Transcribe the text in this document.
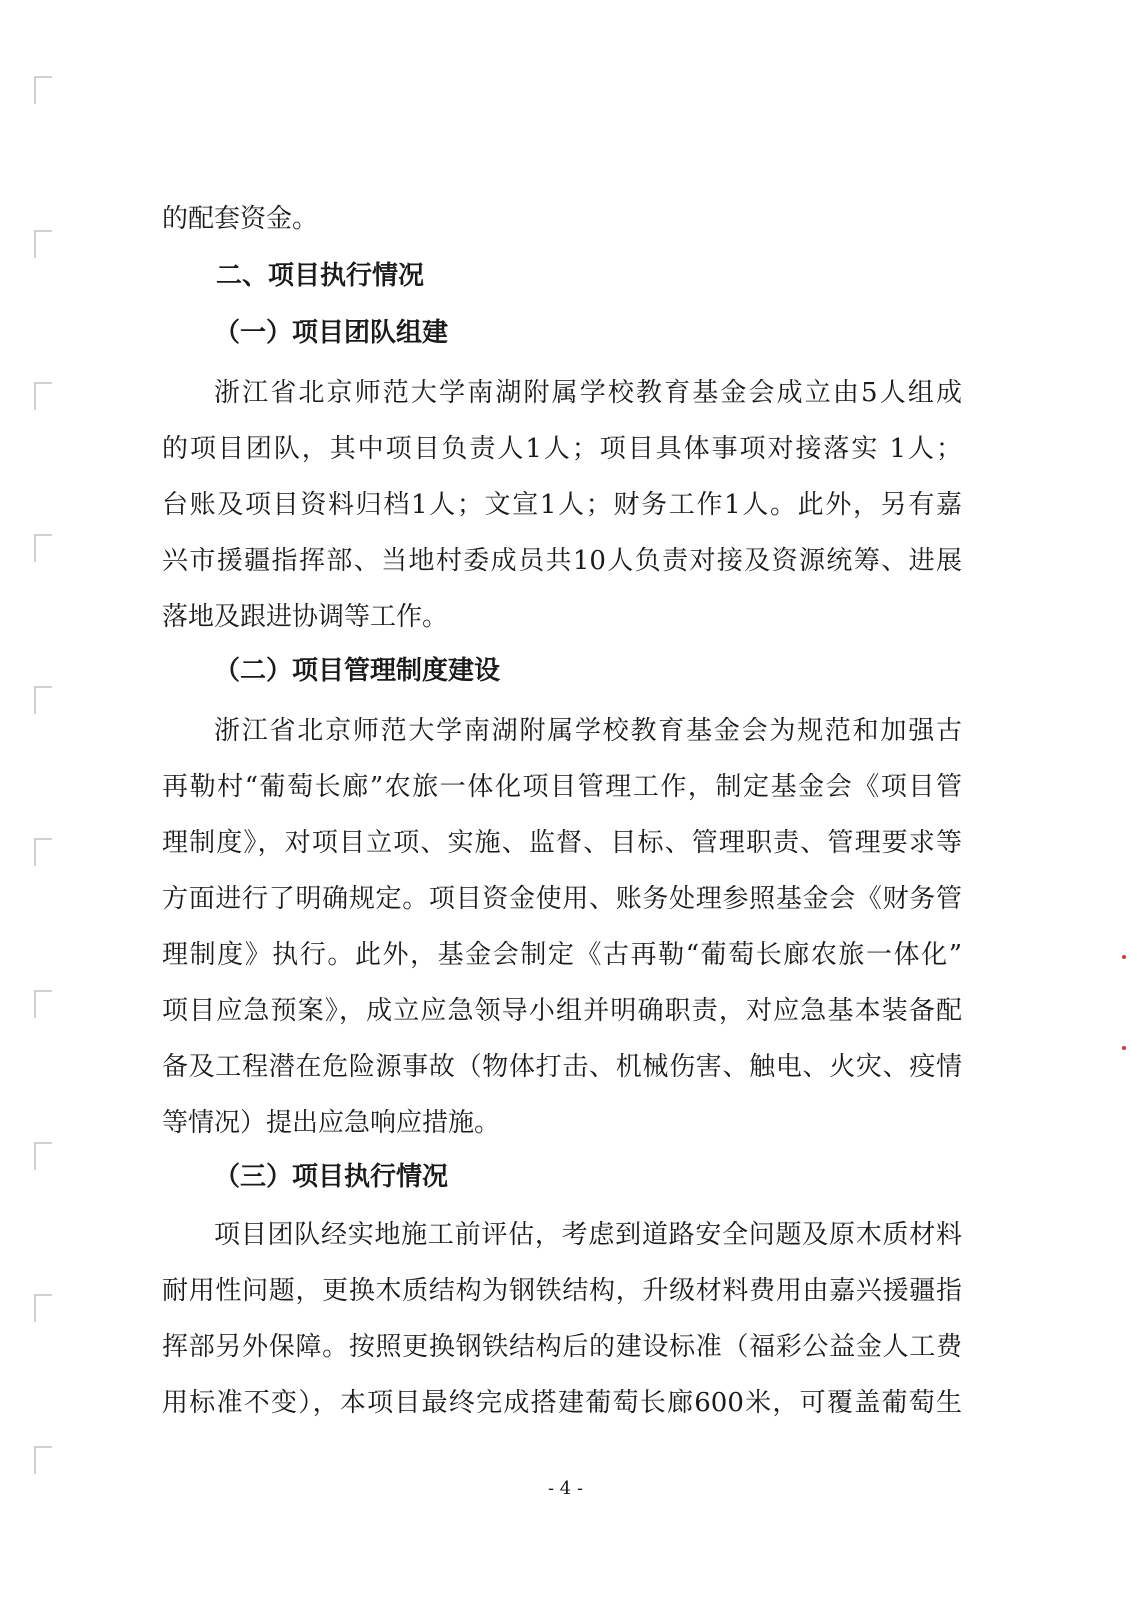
的配套资金。
二、项目执行情况
（一）项目团队组建
浙江省北京师范大学南湖附属学校教育基金会成立由5人组成
的项目团队，其中项目负责人1人；项目具体事项对接落实 1人；
台账及项目资料归档1人；文宣1人；财务工作1人。此外，另有嘉
兴市援疆指挥部、当地村委成员共10人负责对接及资源统筹、进展
落地及跟进协调等工作。
（二）项目管理制度建设
浙江省北京师范大学南湖附属学校教育基金会为规范和加强古
再勒村“葡萄长廊”农旅一体化项目管理工作，制定基金会《项目管
理制度》，对项目立项、实施、监督、目标、管理职责、管理要求等
方面进行了明确规定。项目资金使用、账务处理参照基金会《财务管
理制度》执行。此外，基金会制定《古再勒“葡萄长廊农旅一体化”
项目应急预案》，成立应急领导小组并明确职责，对应急基本装备配
备及工程潜在危险源事故（物体打击、机械伤害、触电、火灾、疫情
等情况）提出应急响应措施。
（三）项目执行情况
项目团队经实地施工前评估，考虑到道路安全问题及原木质材料
耐用性问题，更换木质结构为钢铁结构，升级材料费用由嘉兴援疆指
挥部另外保障。按照更换钢铁结构后的建设标准（福彩公益金人工费
用标准不变），本项目最终完成搭建葡萄长廊600米，可覆盖葡萄生
- 4 -
